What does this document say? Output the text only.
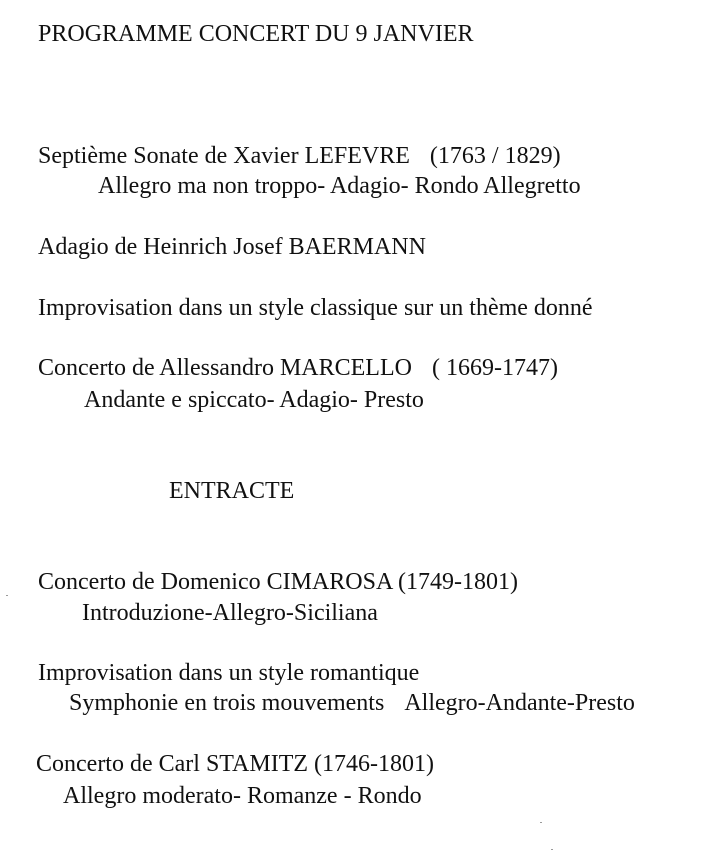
PROGRAMME CONCERT DU 9 JANVIER
Septième Sonate de Xavier LEFEVRE (1763 / 1829)
Allegro ma non troppo- Adagio- Rondo Allegretto
Adagio de Heinrich Josef BAERMANN
Improvisation dans un style classique sur un thème donné
Concerto de Allessandro MARCELLO ( 1669-1747)
Andante e spiccato- Adagio- Presto
ENTRACTE
Concerto de Domenico CIMAROSA (1749-1801)
Introduzione-Allegro-Siciliana
Improvisation dans un style romantique
Symphonie en trois mouvements Allegro-Andante-Presto
Concerto de Carl STAMITZ (1746-1801)
Allegro moderato- Romanze - Rondo
